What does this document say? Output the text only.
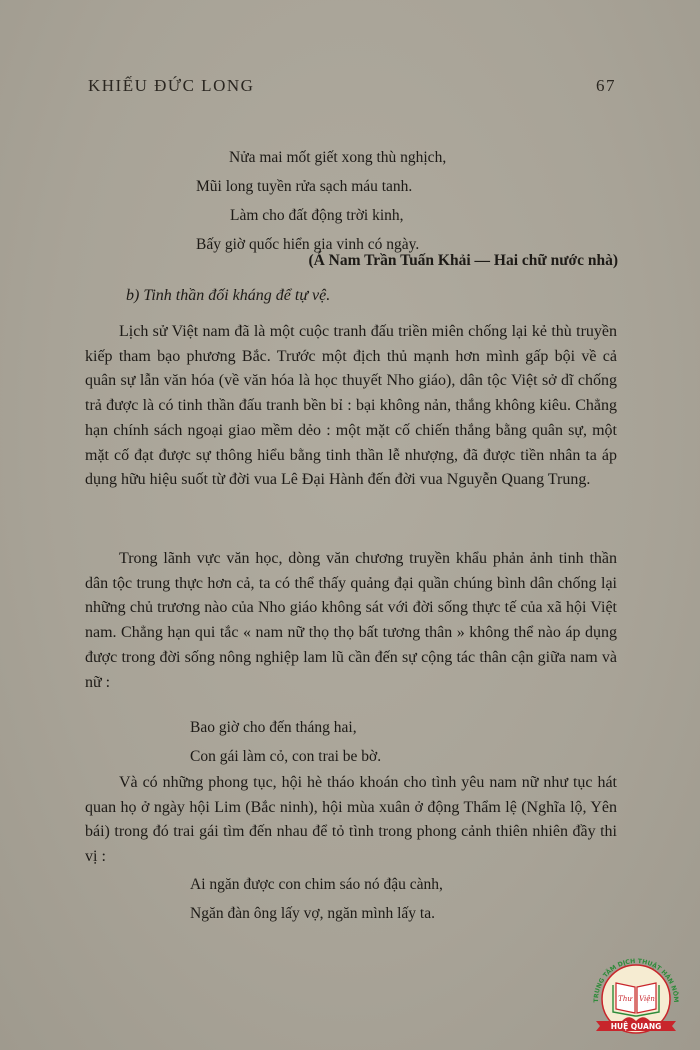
KHIẾU ĐỨC LONG	67
Nửa mai mốt giết xong thù nghịch,
Mũi long tuyền rửa sạch máu tanh.
Làm cho đất động trời kinh,
Bấy giờ quốc hiển gia vinh có ngày.
(Á Nam Trần Tuấn Khải — Hai chữ nước nhà)
b) Tinh thần đối kháng để tự vệ.
Lịch sử Việt nam đã là một cuộc tranh đấu triền miên chống lại kẻ thù truyền kiếp tham bạo phương Bắc. Trước một địch thủ mạnh hơn mình gấp bội về cả quân sự lẫn văn hóa (về văn hóa là học thuyết Nho giáo), dân tộc Việt sở dĩ chống trả được là có tinh thần đấu tranh bền bỉ : bại không nản, thắng không kiêu. Chẳng hạn chính sách ngoại giao mềm dẻo : một mặt cố chiến thắng bằng quân sự, một mặt cố đạt được sự thông hiểu bằng tinh thần lễ nhượng, đã được tiền nhân ta áp dụng hữu hiệu suốt từ đời vua Lê Đại Hành đến đời vua Nguyễn Quang Trung.
Trong lãnh vực văn học, dòng văn chương truyền khẩu phản ảnh tinh thần dân tộc trung thực hơn cả, ta có thể thấy quảng đại quần chúng bình dân chống lại những chủ trương nào của Nho giáo không sát với đời sống thực tế của xã hội Việt nam. Chẳng hạn qui tắc « nam nữ thọ thọ bất tương thân » không thể nào áp dụng được trong đời sống nông nghiệp lam lũ cần đến sự cộng tác thân cận giữa nam và nữ :
Bao giờ cho đến tháng hai,
Con gái làm cỏ, con trai be bờ.
Và có những phong tục, hội hè tháo khoán cho tình yêu nam nữ như tục hát quan họ ở ngày hội Lim (Bắc ninh), hội mùa xuân ở động Thẩm lệ (Nghĩa lộ, Yên bái) trong đó trai gái tìm đến nhau để tỏ tình trong phong cảnh thiên nhiên đầy thi vị :
Ai ngăn được con chim sáo nó đậu cành,
Ngăn đàn ông lấy vợ, ngăn mình lấy ta.
TRUNG TÂM DỊCH THUẬT HÁN NÔM
Thư Viện
HUỆ QUANG
